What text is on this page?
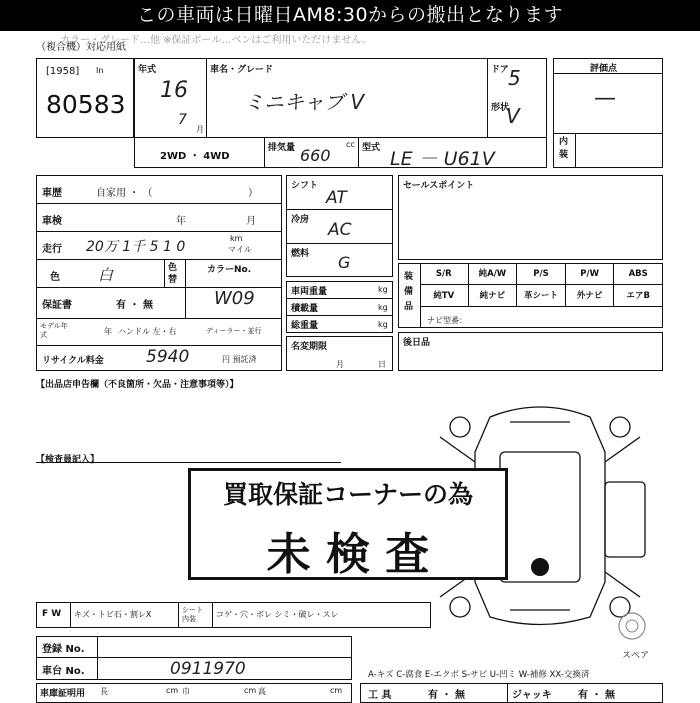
この車両は日曜日AM8:30からの搬出となります
カラー・グレード…他 ※保証ポール…ベンはご利用いただけません。
（複合機）対応用紙
[1958] In
80583
年式
16
7
月
車名・グレード
ミニキャブ V
ドア 5
形状
V
2WD ・ 4WD
排気量 660
cc 型式 LE － U61V
評価点
—
内装
車歴	自家用 ・ （	）
車検	年	月
走行 20万 1千 5 1 0
km
マイル
色	白	色替
カラーNo.
保証書	有 ・ 無	W09
モデル年式	年 ハンドル 左・右	ディーラー・並行
リサイクル料金 5940	円 預託済
シフト
AT
冷房 AC
燃料 G
車両重量	kg
積載量	kg
総重量	kg
名変期限
月	日
セールスポイント
装備品
S/R	純A/W	P/S	P/W	ABS
純TV	純ナビ	革シート	外ナビ	エアB
ナビ型番：
後日品
【出品店申告欄（不良箇所・欠品・注意事項等）】
【検査員記入】
スペア
買取保証コーナーの為
未 検 査
F W キズ・トビ石・割レX	シート内装	コゲ・穴・ボレ シミ・破レ・スレ
登録 No.
車台 No.	0911970
車庫証明用 長	cm 巾	cm 高	cm
A-キズ C-腐食 E-エクボ S-サビ U-凹ミ W-補修 XX-交換済
工 具	有 ・ 無	ジャッキ	有 ・ 無
